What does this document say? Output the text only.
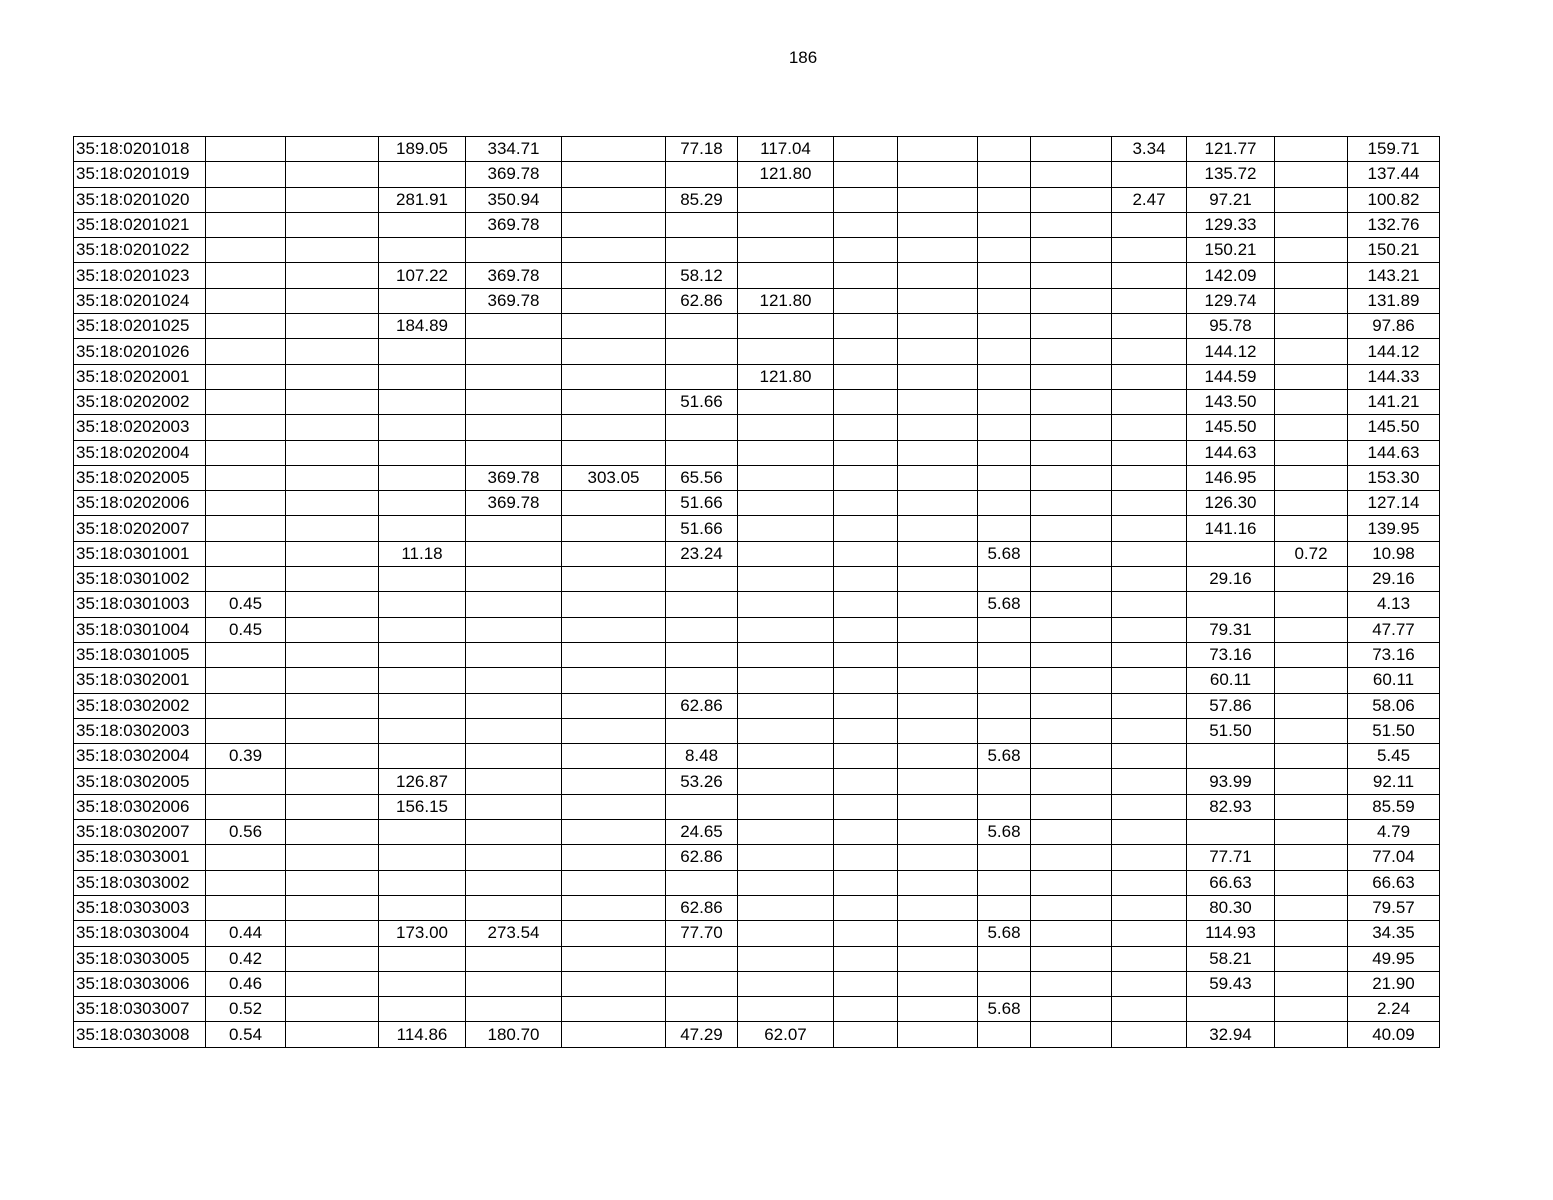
186
35:18:0201018			189.05	334.71		77.18	117.04					3.34	121.77		159.71
35:18:0201019				369.78			121.80						135.72		137.44
35:18:0201020			281.91	350.94		85.29						2.47	97.21		100.82
35:18:0201021				369.78									129.33		132.76
35:18:0201022													150.21		150.21
35:18:0201023			107.22	369.78		58.12							142.09		143.21
35:18:0201024				369.78		62.86	121.80						129.74		131.89
35:18:0201025			184.89										95.78		97.86
35:18:0201026													144.12		144.12
35:18:0202001							121.80						144.59		144.33
35:18:0202002						51.66							143.50		141.21
35:18:0202003													145.50		145.50
35:18:0202004													144.63		144.63
35:18:0202005				369.78	303.05	65.56							146.95		153.30
35:18:0202006				369.78		51.66							126.30		127.14
35:18:0202007						51.66							141.16		139.95
35:18:0301001			11.18			23.24				5.68				0.72	10.98
35:18:0301002													29.16		29.16
35:18:0301003	0.45									5.68					4.13
35:18:0301004	0.45												79.31		47.77
35:18:0301005													73.16		73.16
35:18:0302001													60.11		60.11
35:18:0302002						62.86							57.86		58.06
35:18:0302003													51.50		51.50
35:18:0302004	0.39					8.48				5.68					5.45
35:18:0302005			126.87			53.26							93.99		92.11
35:18:0302006			156.15										82.93		85.59
35:18:0302007	0.56					24.65				5.68					4.79
35:18:0303001						62.86							77.71		77.04
35:18:0303002													66.63		66.63
35:18:0303003						62.86							80.30		79.57
35:18:0303004	0.44		173.00	273.54		77.70				5.68			114.93		34.35
35:18:0303005	0.42												58.21		49.95
35:18:0303006	0.46												59.43		21.90
35:18:0303007	0.52									5.68					2.24
35:18:0303008	0.54		114.86	180.70		47.29	62.07						32.94		40.09
